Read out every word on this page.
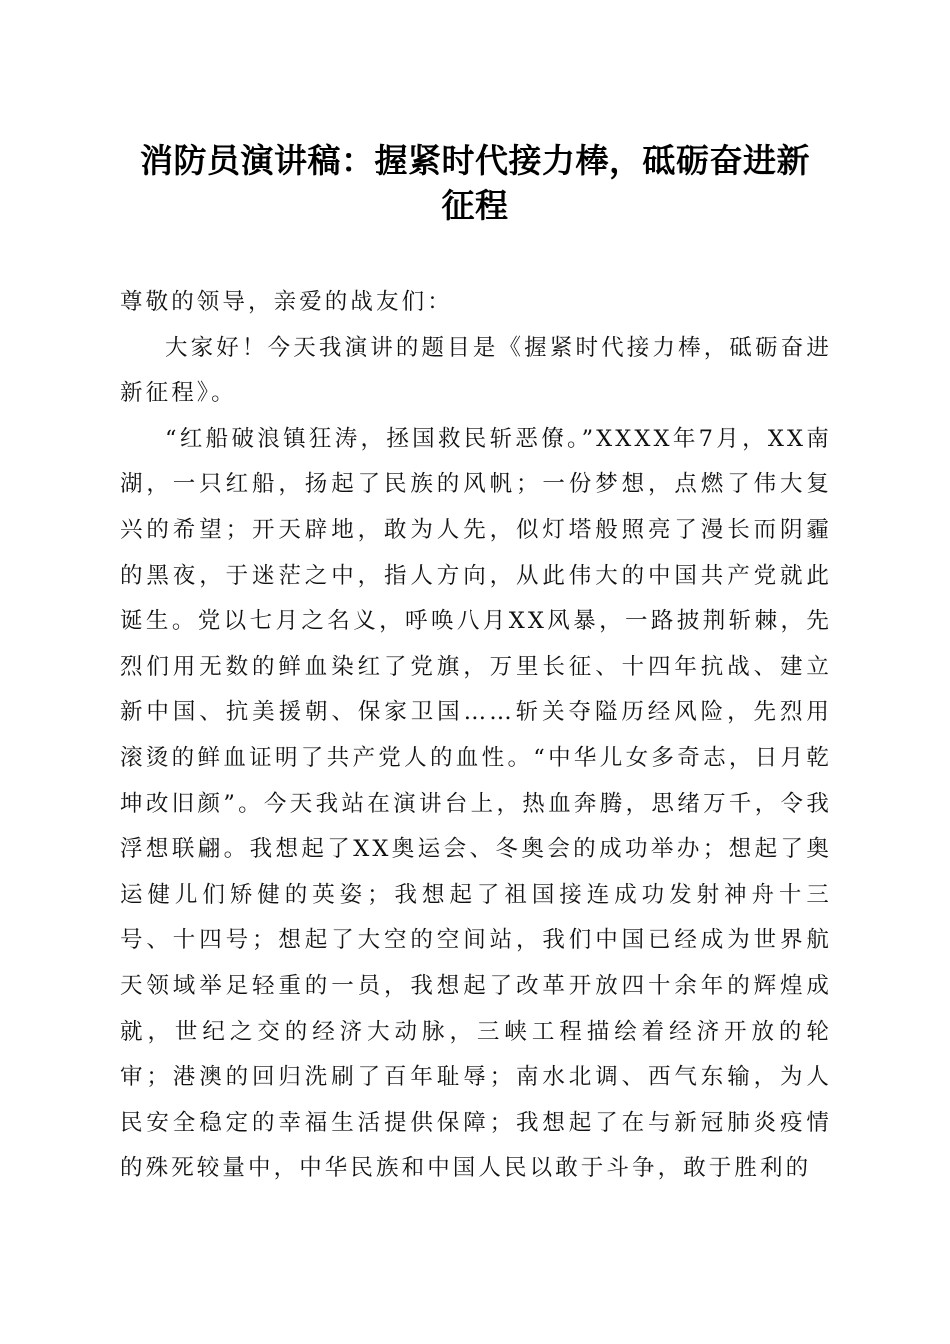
消防员演讲稿：握紧时代接力棒，砥砺奋进新
征程

尊敬的领导，亲爱的战友们：

大家好！今天我演讲的题目是《握紧时代接力棒，砥砺奋进新征程》。

“红船破浪镇狂涛，拯国救民斩恶僚。”XXXX年7月，XX南湖，一只红船，扬起了民族的风帆；一份梦想，点燃了伟大复兴的希望；开天辟地，敢为人先，似灯塔般照亮了漫长而阴霾的黑夜，于迷茫之中，指人方向，从此伟大的中国共产党就此诞生。党以七月之名义，呼唤八月XX风暴，一路披荆斩棘，先烈们用无数的鲜血染红了党旗，万里长征、十四年抗战、建立新中国、抗美援朝、保家卫国……斩关夺隘历经风险，先烈用滚烫的鲜血证明了共产党人的血性。“中华儿女多奇志，日月乾坤改旧颜”。今天我站在演讲台上，热血奔腾，思绪万千，令我浮想联翩。我想起了XX奥运会、冬奥会的成功举办；想起了奥运健儿们矫健的英姿；我想起了祖国接连成功发射神舟十三号、十四号；想起了大空的空间站，我们中国已经成为世界航天领域举足轻重的一员，我想起了改革开放四十余年的辉煌成就，世纪之交的经济大动脉，三峡工程描绘着经济开放的轮审；港澳的回归洗刷了百年耻辱；南水北调、西气东输，为人民安全稳定的幸福生活提供保障；我想起了在与新冠肺炎疫情的殊死较量中，中华民族和中国人民以敢于斗争，敢于胜利的
